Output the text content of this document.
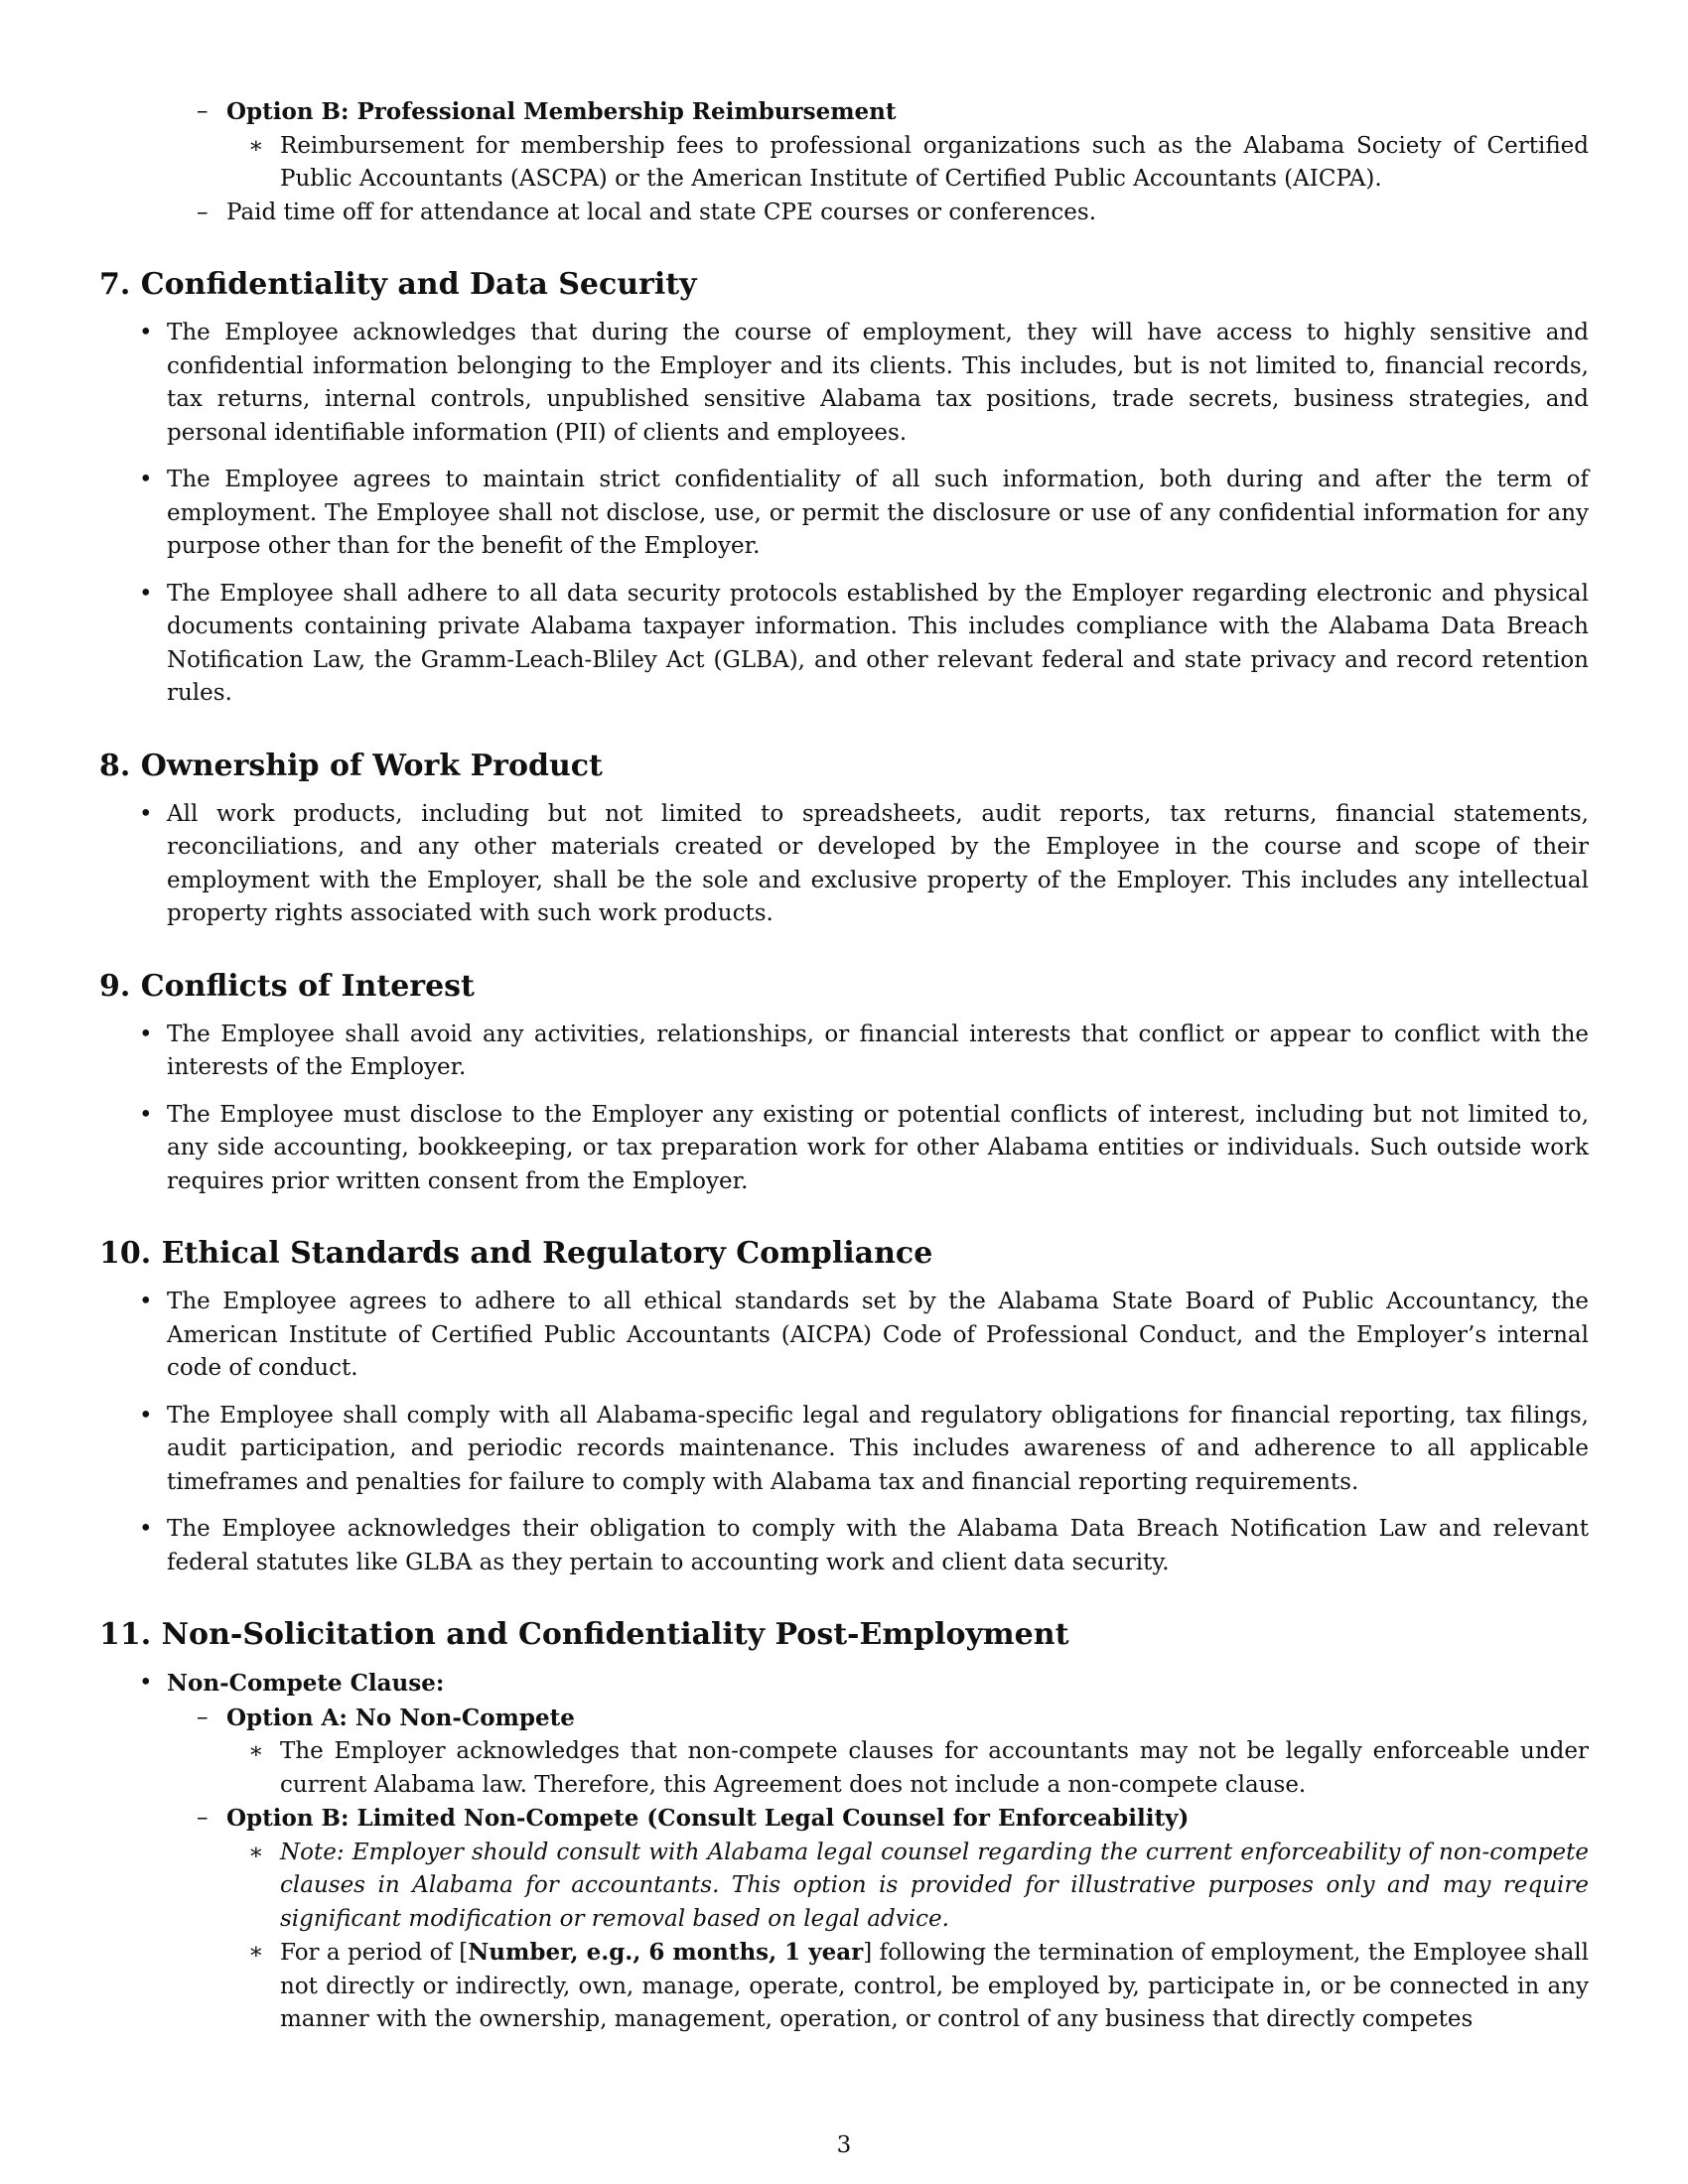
– Option B: Professional Membership Reimbursement
∗ Reimbursement for membership fees to professional organizations such as the Alabama Society of Certified Public Accountants (ASCPA) or the American Institute of Certified Public Accountants (AICPA).
– Paid time off for attendance at local and state CPE courses or conferences.
7. Confidentiality and Data Security
• The Employee acknowledges that during the course of employment, they will have access to highly sensitive and confidential information belonging to the Employer and its clients. This includes, but is not limited to, financial records, tax returns, internal controls, unpublished sensitive Alabama tax positions, trade secrets, business strategies, and personal identifiable information (PII) of clients and employees.
• The Employee agrees to maintain strict confidentiality of all such information, both during and after the term of employment. The Employee shall not disclose, use, or permit the disclosure or use of any confidential information for any purpose other than for the benefit of the Employer.
• The Employee shall adhere to all data security protocols established by the Employer regarding electronic and physical documents containing private Alabama taxpayer information. This includes compliance with the Alabama Data Breach Notification Law, the Gramm-Leach-Bliley Act (GLBA), and other relevant federal and state privacy and record retention rules.
8. Ownership of Work Product
• All work products, including but not limited to spreadsheets, audit reports, tax returns, financial statements, reconciliations, and any other materials created or developed by the Employee in the course and scope of their employment with the Employer, shall be the sole and exclusive property of the Employer. This includes any intellectual property rights associated with such work products.
9. Conflicts of Interest
• The Employee shall avoid any activities, relationships, or financial interests that conflict or appear to conflict with the interests of the Employer.
• The Employee must disclose to the Employer any existing or potential conflicts of interest, including but not limited to, any side accounting, bookkeeping, or tax preparation work for other Alabama entities or individuals. Such outside work requires prior written consent from the Employer.
10. Ethical Standards and Regulatory Compliance
• The Employee agrees to adhere to all ethical standards set by the Alabama State Board of Public Accountancy, the American Institute of Certified Public Accountants (AICPA) Code of Professional Conduct, and the Employer’s internal code of conduct.
• The Employee shall comply with all Alabama-specific legal and regulatory obligations for financial reporting, tax filings, audit participation, and periodic records maintenance. This includes awareness of and adherence to all applicable timeframes and penalties for failure to comply with Alabama tax and financial reporting requirements.
• The Employee acknowledges their obligation to comply with the Alabama Data Breach Notification Law and relevant federal statutes like GLBA as they pertain to accounting work and client data security.
11. Non-Solicitation and Confidentiality Post-Employment
• Non-Compete Clause:
– Option A: No Non-Compete
∗ The Employer acknowledges that non-compete clauses for accountants may not be legally enforceable under current Alabama law. Therefore, this Agreement does not include a non-compete clause.
– Option B: Limited Non-Compete (Consult Legal Counsel for Enforceability)
∗ Note: Employer should consult with Alabama legal counsel regarding the current enforceability of non-compete clauses in Alabama for accountants. This option is provided for illustrative purposes only and may require significant modification or removal based on legal advice.
∗ For a period of [Number, e.g., 6 months, 1 year] following the termination of employment, the Employee shall not directly or indirectly, own, manage, operate, control, be employed by, participate in, or be connected in any manner with the ownership, management, operation, or control of any business that directly competes
3
